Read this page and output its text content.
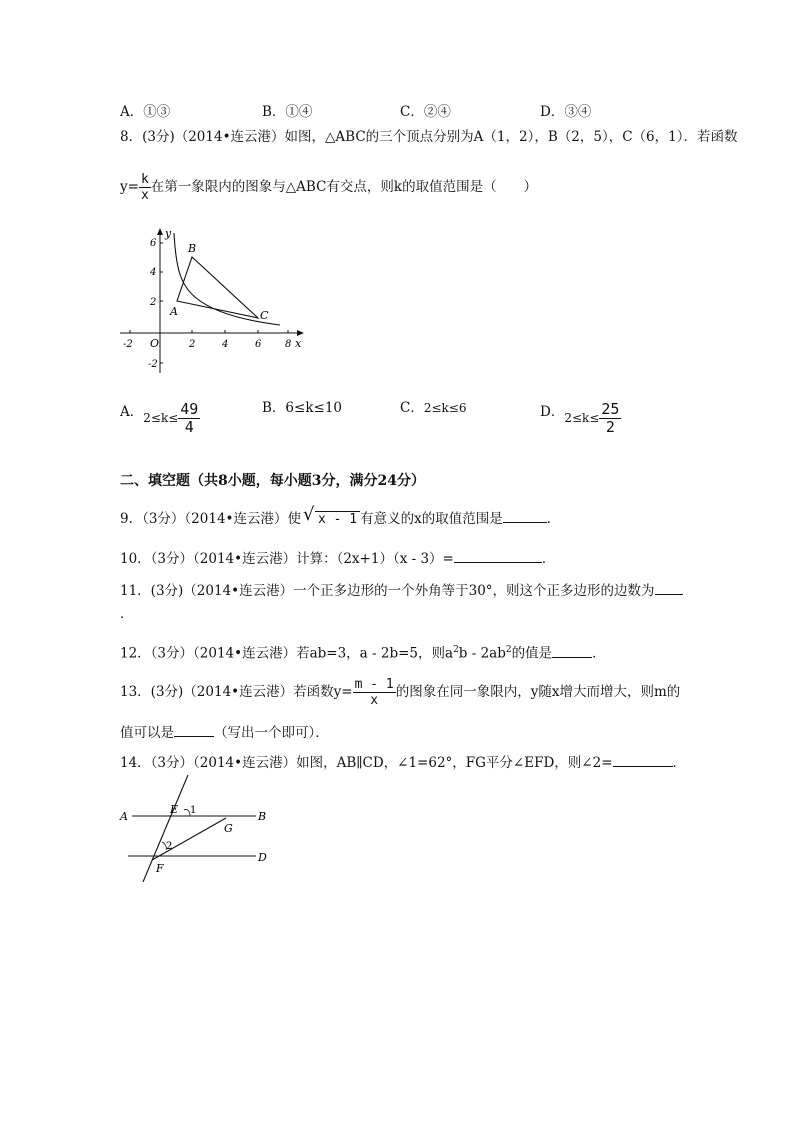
A．①③	B．①④	C．②④	D．③④
8．(3分)（2014•连云港）如图，△ABC的三个顶点分别为A（1，2），B（2，5），C（6，1）．若函数
$y= \frac{k}{x}$ 在第一象限内的图象与△ABC有交点，则k的取值范围是（　　）
y
x
O
6
4
2
-2
-2	2	4	6 8
A
B
C
A．$2\le k\le \frac{49}{4}$	B．6≤k≤10	C．2≤k≤6	D．$2\le k\le \frac{25}{2}$
二、填空题（共8小题，每小题3分，满分24分）
9．（3分）（2014•连云港）使 √ x - 1 有意义的x的取值范围是	．
10．（3分）（2014•连云港）计算：（2x+1）（x - 3）=	．
11．(3分)（2014•连云港）一个正多边形的一个外角等于30°，则这个正多边形的边数为
．
12．（3分）（2014•连云港）若ab=3，a - 2b=5，则$a^2b - 2ab^2$的值是	．
13．(3分)（2014•连云港）若函数$y= \frac{m - 1}{x}$ 的图象在同一象限内，y随x增大而增大，则m的
值可以是	（写出一个即可）．
14．（3分）（2014•连云港）如图，AB∥CD，∠1=62°，FG平分∠EFD，则∠2=	．
A	B
D
E
F
G
1
2
